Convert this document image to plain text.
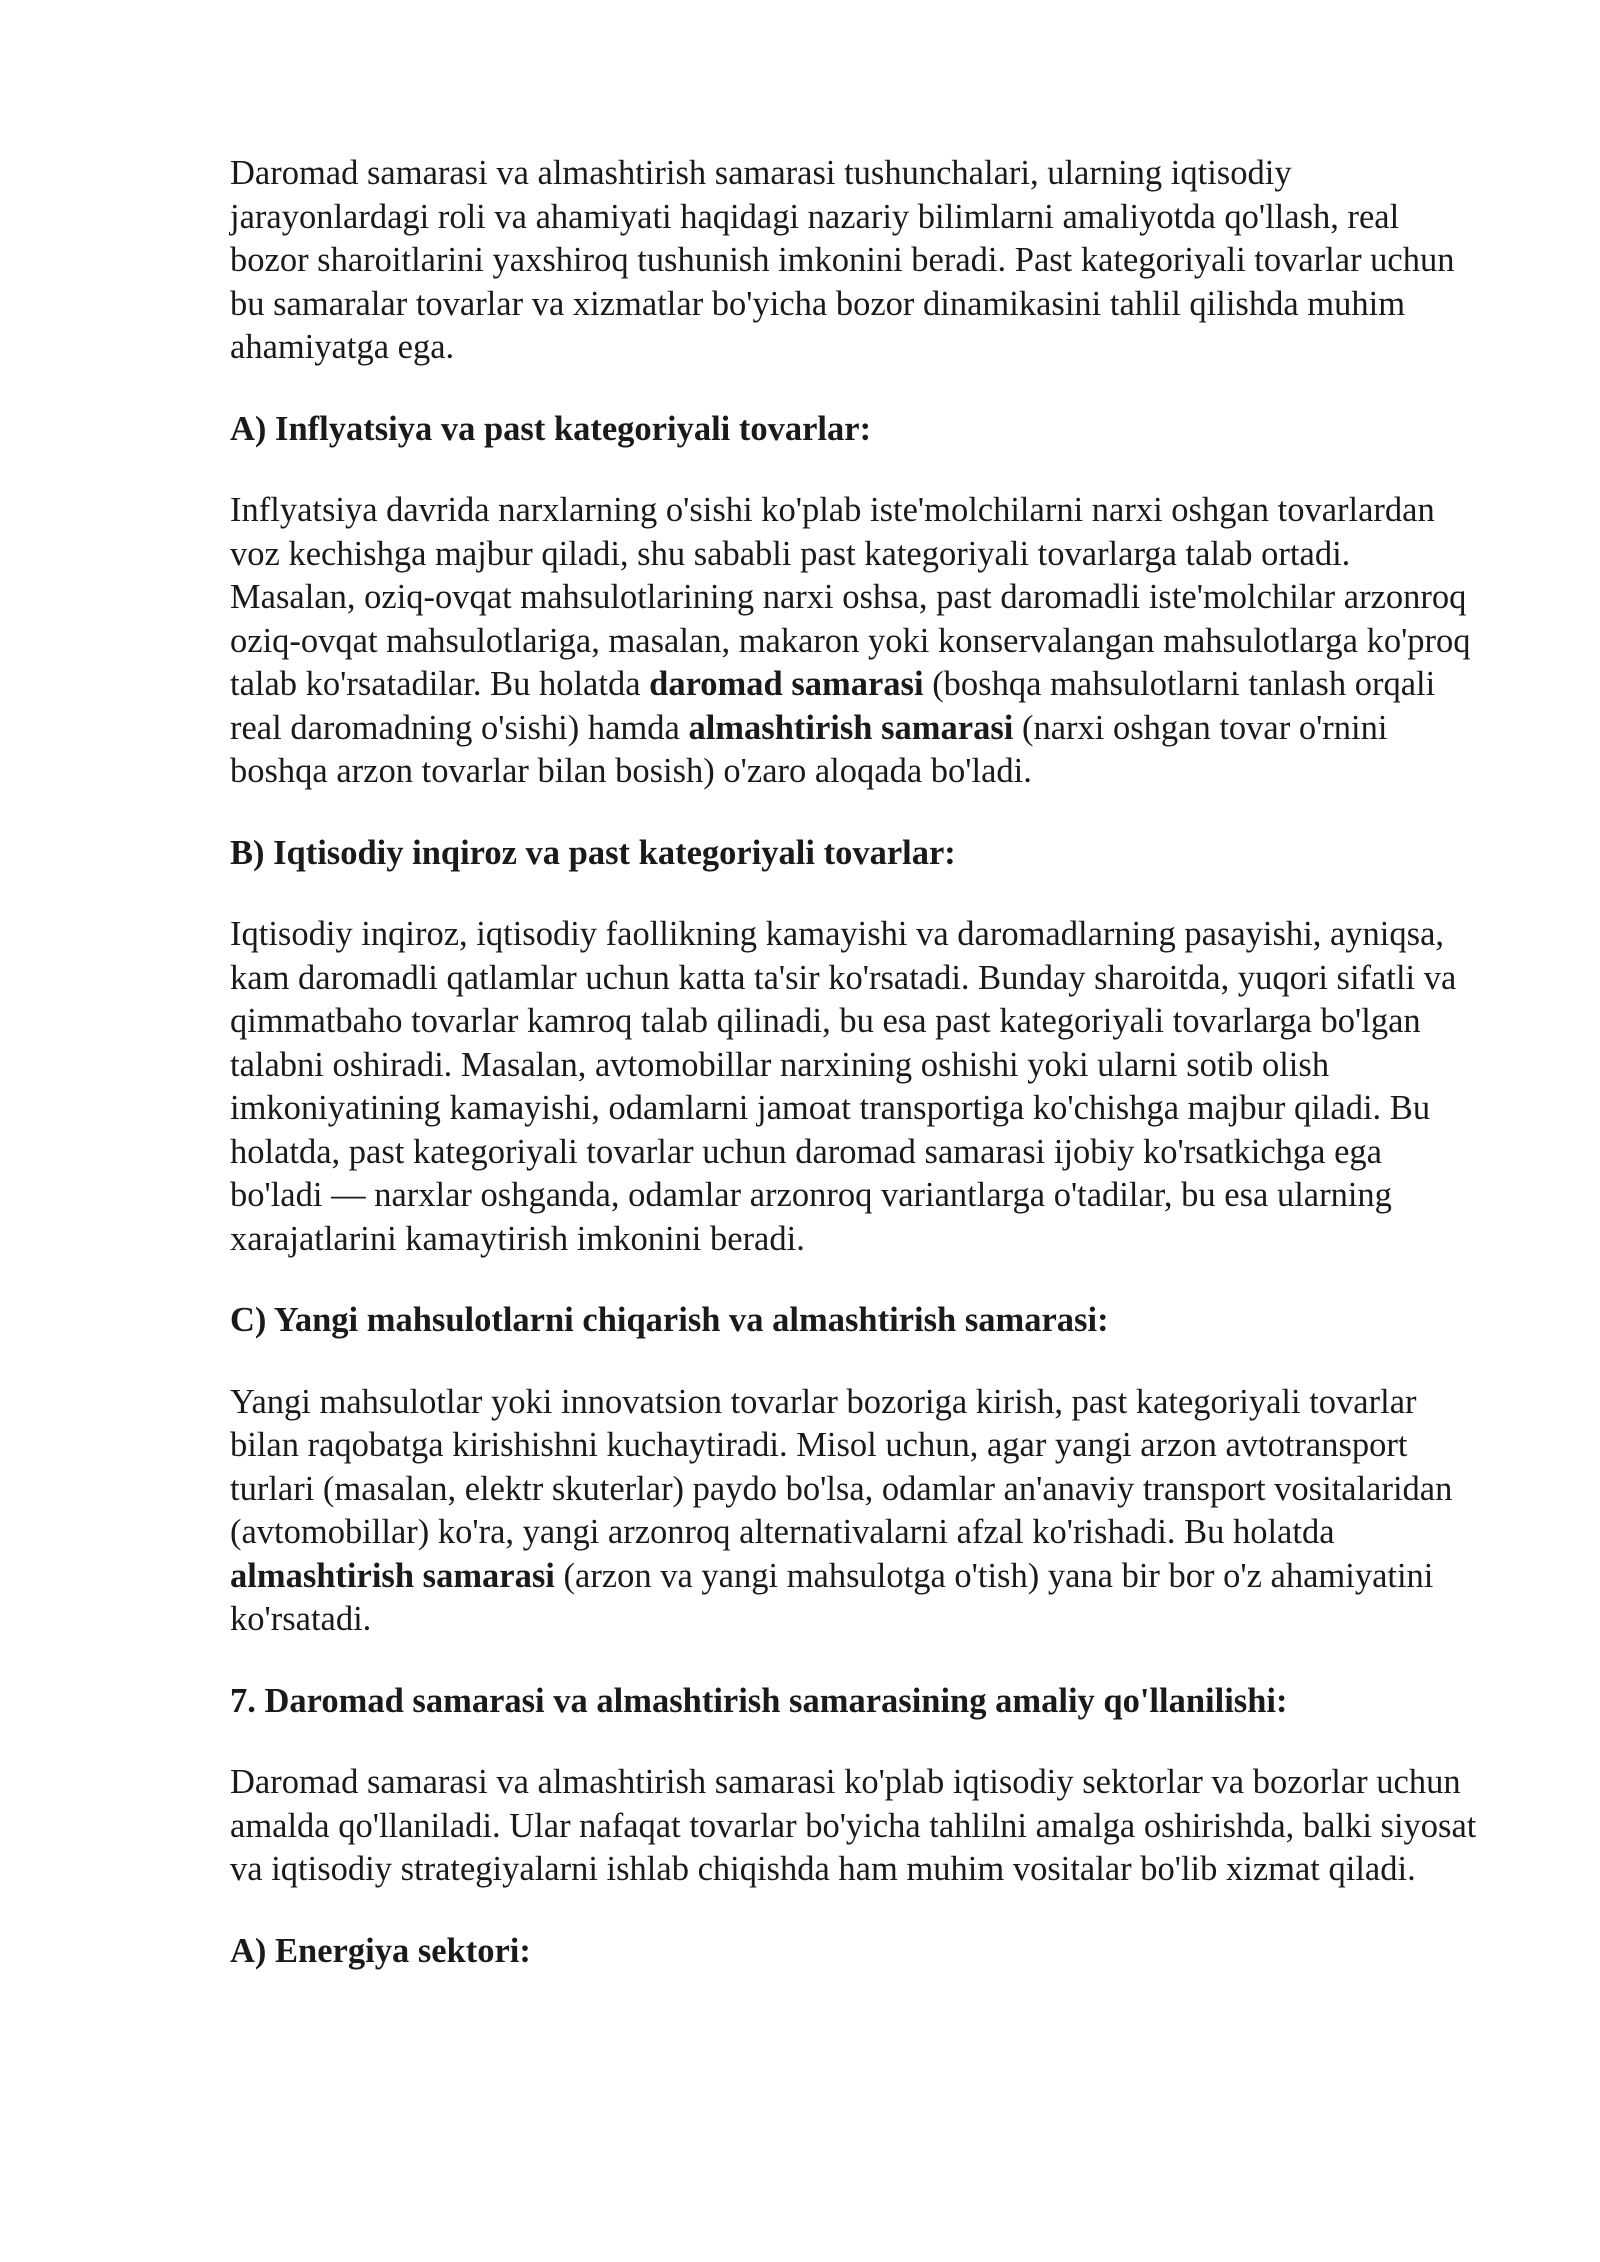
Daromad samarasi va almashtirish samarasi tushunchalari, ularning iqtisodiy jarayonlardagi roli va ahamiyati haqidagi nazariy bilimlarni amaliyotda qo'llash, real bozor sharoitlarini yaxshiroq tushunish imkonini beradi. Past kategoriyali tovarlar uchun bu samaralar tovarlar va xizmatlar bo'yicha bozor dinamikasini tahlil qilishda muhim ahamiyatga ega.

A) Inflyatsiya va past kategoriyali tovarlar:

Inflyatsiya davrida narxlarning o'sishi ko'plab iste'molchilarni narxi oshgan tovarlardan voz kechishga majbur qiladi, shu sababli past kategoriyali tovarlarga talab ortadi. Masalan, oziq-ovqat mahsulotlarining narxi oshsa, past daromadli iste'molchilar arzonroq oziq-ovqat mahsulotlariga, masalan, makaron yoki konservalangan mahsulotlarga ko'proq talab ko'rsatadilar. Bu holatda daromad samarasi (boshqa mahsulotlarni tanlash orqali real daromadning o'sishi) hamda almashtirish samarasi (narxi oshgan tovar o'rnini boshqa arzon tovarlar bilan bosish) o'zaro aloqada bo'ladi.

B) Iqtisodiy inqiroz va past kategoriyali tovarlar:

Iqtisodiy inqiroz, iqtisodiy faollikning kamayishi va daromadlarning pasayishi, ayniqsa, kam daromadli qatlamlar uchun katta ta'sir ko'rsatadi. Bunday sharoitda, yuqori sifatli va qimmatbaho tovarlar kamroq talab qilinadi, bu esa past kategoriyali tovarlarga bo'lgan talabni oshiradi. Masalan, avtomobillar narxining oshishi yoki ularni sotib olish imkoniyatining kamayishi, odamlarni jamoat transportiga ko'chishga majbur qiladi. Bu holatda, past kategoriyali tovarlar uchun daromad samarasi ijobiy ko'rsatkichga ega bo'ladi — narxlar oshganda, odamlar arzonroq variantlarga o'tadilar, bu esa ularning xarajatlarini kamaytirish imkonini beradi.

C) Yangi mahsulotlarni chiqarish va almashtirish samarasi:

Yangi mahsulotlar yoki innovatsion tovarlar bozoriga kirish, past kategoriyali tovarlar bilan raqobatga kirishishni kuchaytiradi. Misol uchun, agar yangi arzon avtotransport turlari (masalan, elektr skuterlar) paydo bo'lsa, odamlar an'anaviy transport vositalaridan (avtomobillar) ko'ra, yangi arzonroq alternativalarni afzal ko'rishadi. Bu holatda almashtirish samarasi (arzon va yangi mahsulotga o'tish) yana bir bor o'z ahamiyatini ko'rsatadi.

7. Daromad samarasi va almashtirish samarasining amaliy qo'llanilishi:

Daromad samarasi va almashtirish samarasi ko'plab iqtisodiy sektorlar va bozorlar uchun amalda qo'llaniladi. Ular nafaqat tovarlar bo'yicha tahlilni amalga oshirishda, balki siyosat va iqtisodiy strategiyalarni ishlab chiqishda ham muhim vositalar bo'lib xizmat qiladi.

A) Energiya sektori:
